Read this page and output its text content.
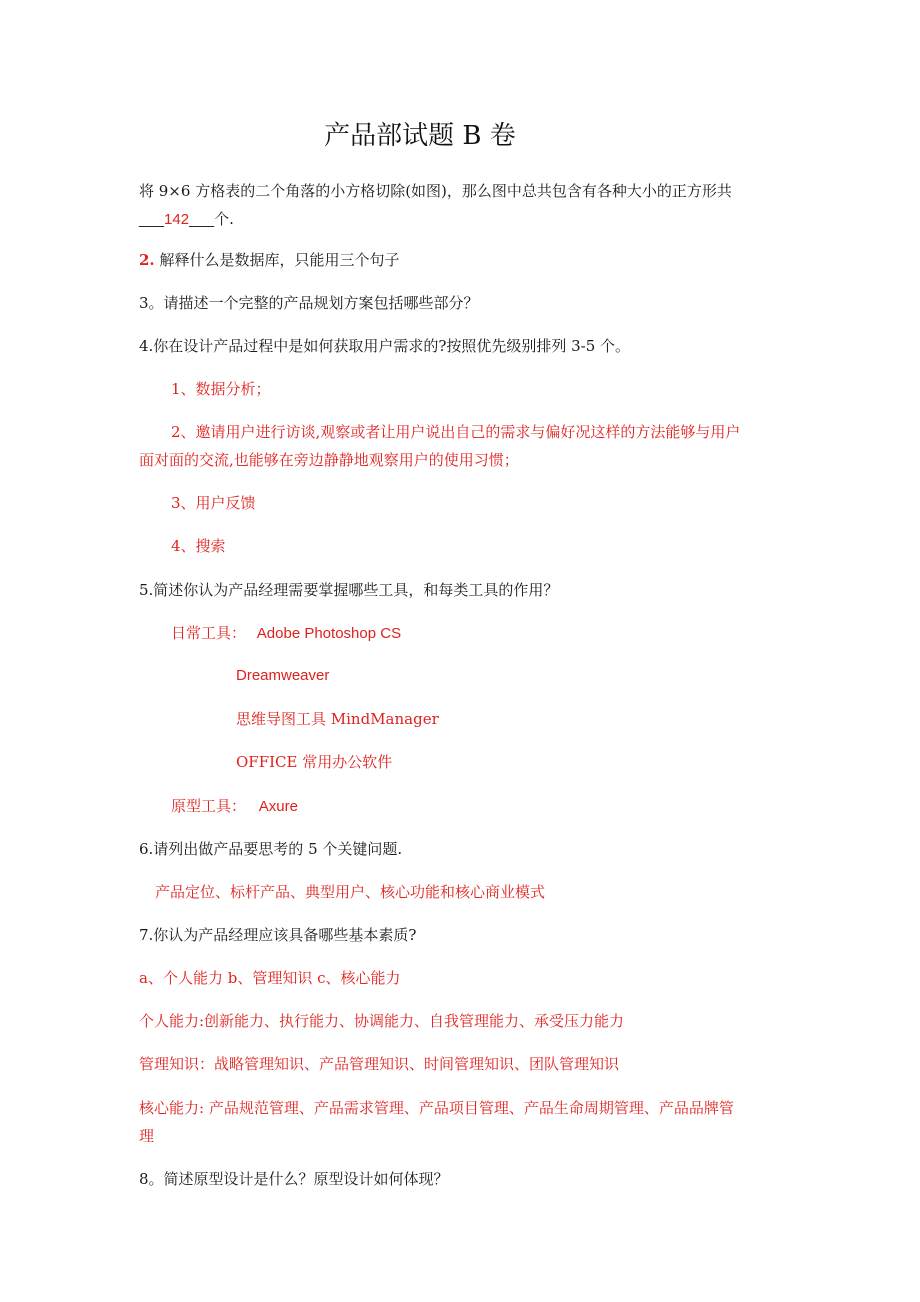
产品部试题 B 卷
将 9×6 方格表的二个角落的小方格切除(如图)，那么图中总共包含有各种大小的正方形共
___142___个.
2. 解释什么是数据库，只能用三个句子
3。请描述一个完整的产品规划方案包括哪些部分？
4.你在设计产品过程中是如何获取用户需求的?按照优先级别排列 3-5 个。
1、数据分析；
2、邀请用户进行访谈,观察或者让用户说出自己的需求与偏好况这样的方法能够与用户
面对面的交流,也能够在旁边静静地观察用户的使用习惯；
3、用户反馈
4、搜索
5.简述你认为产品经理需要掌握哪些工具，和每类工具的作用？
日常工具： Adobe Photoshop CS
Dreamweaver
思维导图工具 MindManager
OFFICE 常用办公软件
原型工具： Axure
6.请列出做产品要思考的 5 个关键问题.
产品定位、标杆产品、典型用户、核心功能和核心商业模式
7.你认为产品经理应该具备哪些基本素质?
a、个人能力 b、管理知识 c、核心能力
个人能力:创新能力、执行能力、协调能力、自我管理能力、承受压力能力
管理知识：战略管理知识、产品管理知识、时间管理知识、团队管理知识
核心能力: 产品规范管理、产品需求管理、产品项目管理、产品生命周期管理、产品品牌管
理
8。简述原型设计是什么？原型设计如何体现？
